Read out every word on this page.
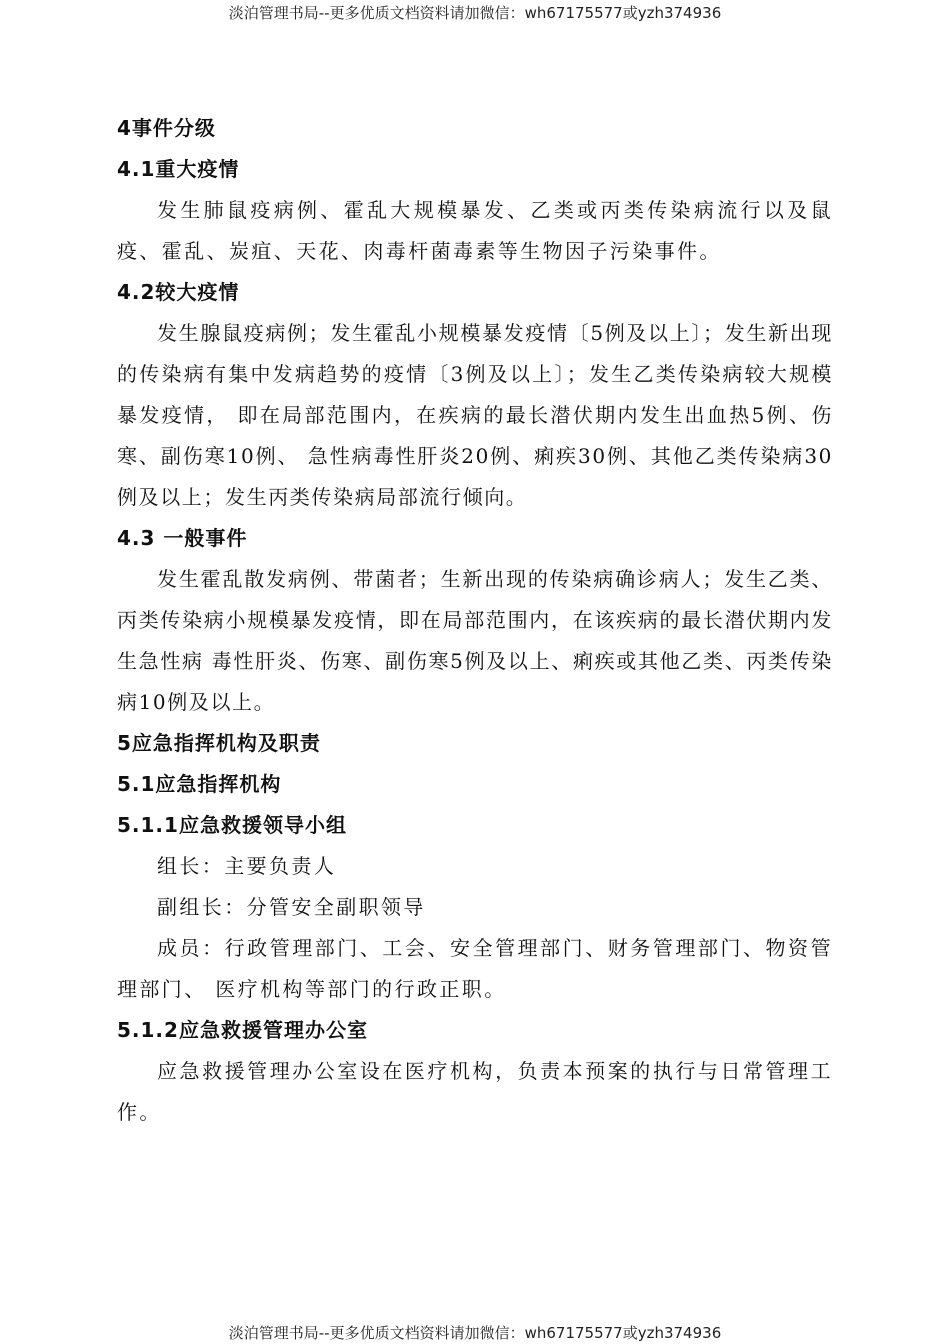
淡泊管理书局--更多优质文档资料请加微信：wh67175577或yzh374936
4事件分级
4.1重大疫情

发生肺鼠疫病例、霍乱大规模暴发、乙类或丙类传染病流行以及鼠疫、霍乱、炭疽、天花、肉毒杆菌毒素等生物因子污染事件。

4.2较大疫情

发生腺鼠疫病例；发生霍乱小规模暴发疫情〔5例及以上〕；发生新出现的传染病有集中发病趋势的疫情〔3例及以上〕；发生乙类传染病较大规模暴发疫情， 即在局部范围内，在疾病的最长潜伏期内发生出血热5例、伤寒、副伤寒10例、 急性病毒性肝炎20例、痢疾30例、其他乙类传染病30例及以上；发生丙类传染病局部流行倾向。

4.3 一般事件

发生霍乱散发病例、带菌者；生新出现的传染病确诊病人；发生乙类、丙类传染病小规模暴发疫情，即在局部范围内，在该疾病的最长潜伏期内发生急性病 毒性肝炎、伤寒、副伤寒5例及以上、痢疾或其他乙类、丙类传染病10例及以上。

5应急指挥机构及职责
5.1应急指挥机构
5.1.1应急救援领导小组
组长：主要负责人
副组长：分管安全副职领导

成员：行政管理部门、工会、安全管理部门、财务管理部门、物资管理部门、 医疗机构等部门的行政正职。

5.1.2应急救援管理办公室

应急救援管理办公室设在医疗机构，负责本预案的执行与日常管理工作。

淡泊管理书局--更多优质文档资料请加微信：wh67175577或yzh374936
